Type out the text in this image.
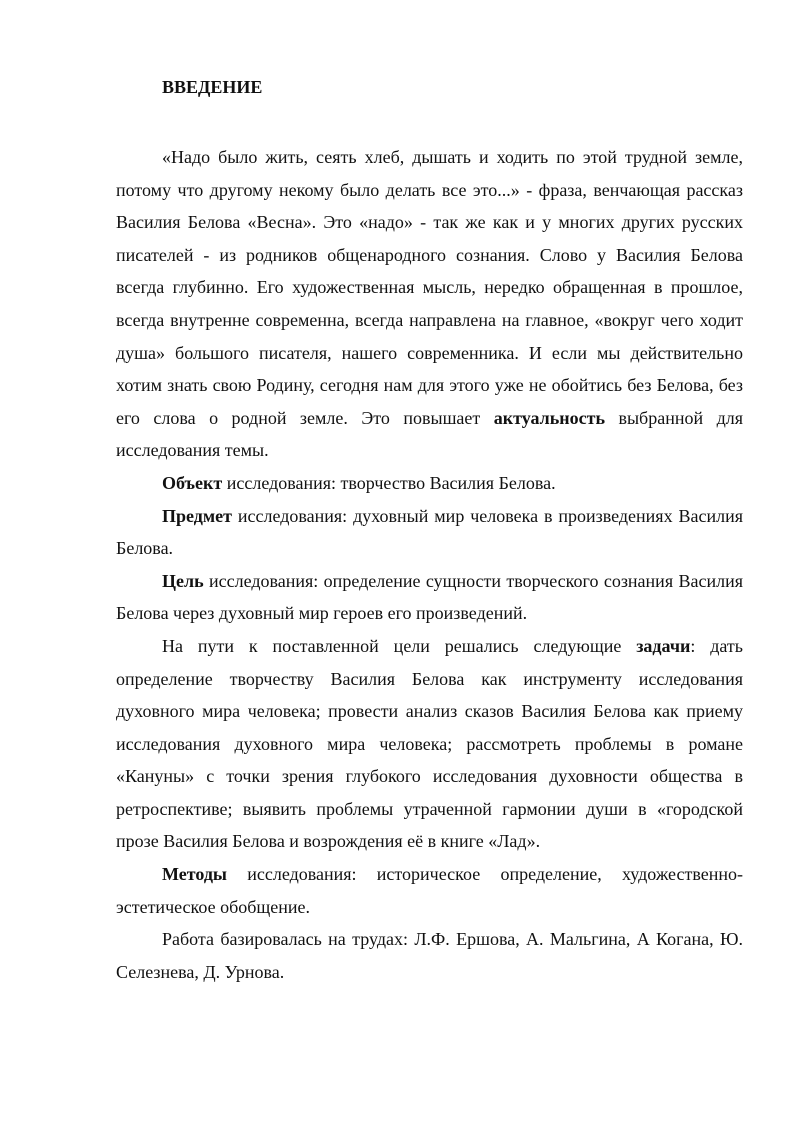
ВВЕДЕНИЕ

«Надо было жить, сеять хлеб, дышать и ходить по этой трудной земле, потому что другому некому было делать все это...» - фраза, венчающая рассказ Василия Белова «Весна». Это «надо» - так же как и у многих других русских писателей - из родников общенародного сознания. Слово у Василия Белова всегда глубинно. Его художественная мысль, нередко обращенная в прошлое, всегда внутренне современна, всегда направлена на главное, «вокруг чего ходит душа» большого писателя, нашего современника. И если мы действительно хотим знать свою Родину, сегодня нам для этого уже не обойтись без Белова, без его слова о родной земле. Это повышает актуальность выбранной для исследования темы.

Объект исследования: творчество Василия Белова.

Предмет исследования: духовный мир человека в произведениях Василия Белова.

Цель исследования: определение сущности творческого сознания Василия Белова через духовный мир героев его произведений.

На пути к поставленной цели решались следующие задачи: дать определение творчеству Василия Белова как инструменту исследования духовного мира человека; провести анализ сказов Василия Белова как приему исследования духовного мира человека; рассмотреть проблемы в романе «Кануны» с точки зрения глубокого исследования духовности общества в ретроспективе; выявить проблемы утраченной гармонии души в «городской прозе Василия Белова и возрождения её в книге «Лад».

Методы исследования: историческое определение, художественно-эстетическое обобщение.

Работа базировалась на трудах: Л.Ф. Ершова, А. Мальгина, А Когана, Ю. Селезнева, Д. Урнова.
